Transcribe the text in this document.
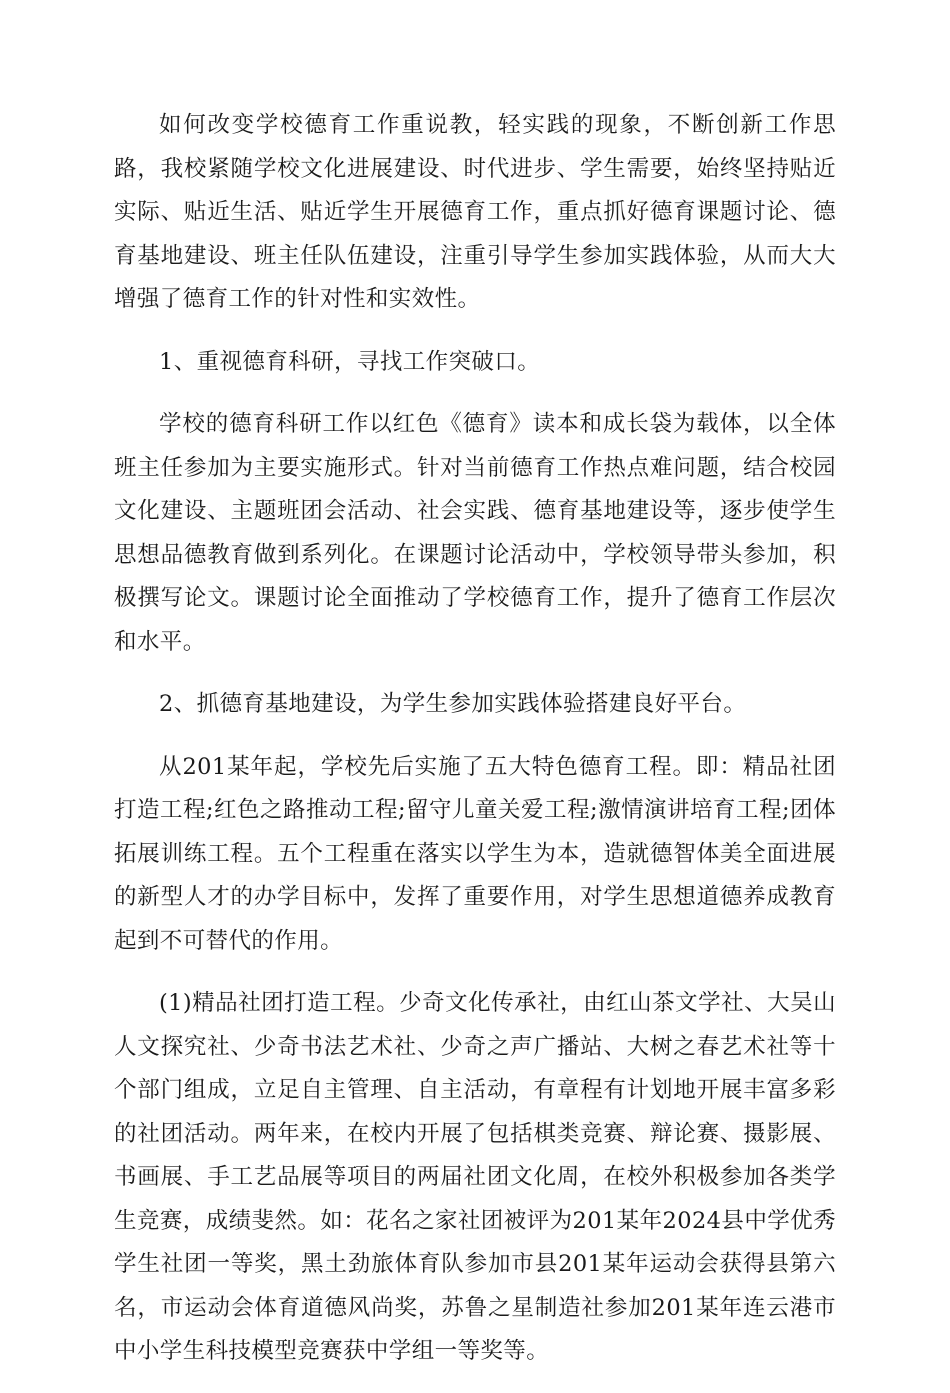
如何改变学校德育工作重说教，轻实践的现象，不断创新工作思路，我校紧随学校文化进展建设、时代进步、学生需要，始终坚持贴近实际、贴近生活、贴近学生开展德育工作，重点抓好德育课题讨论、德育基地建设、班主任队伍建设，注重引导学生参加实践体验，从而大大增强了德育工作的针对性和实效性。

1、重视德育科研，寻找工作突破口。

学校的德育科研工作以红色《德育》读本和成长袋为载体，以全体班主任参加为主要实施形式。针对当前德育工作热点难问题，结合校园文化建设、主题班团会活动、社会实践、德育基地建设等，逐步使学生思想品德教育做到系列化。在课题讨论活动中，学校领导带头参加，积极撰写论文。课题讨论全面推动了学校德育工作，提升了德育工作层次和水平。

2、抓德育基地建设，为学生参加实践体验搭建良好平台。

从201某年起，学校先后实施了五大特色德育工程。即：精品社团打造工程;红色之路推动工程;留守儿童关爱工程;激情演讲培育工程;团体拓展训练工程。五个工程重在落实以学生为本，造就德智体美全面进展的新型人才的办学目标中，发挥了重要作用，对学生思想道德养成教育起到不可替代的作用。

(1)精品社团打造工程。少奇文化传承社，由红山茶文学社、大吴山人文探究社、少奇书法艺术社、少奇之声广播站、大树之春艺术社等十个部门组成，立足自主管理、自主活动，有章程有计划地开展丰富多彩的社团活动。两年来，在校内开展了包括棋类竞赛、辩论赛、摄影展、书画展、手工艺品展等项目的两届社团文化周，在校外积极参加各类学生竞赛，成绩斐然。如：花名之家社团被评为201某年2024县中学优秀学生社团一等奖，黑土劲旅体育队参加市县201某年运动会获得县第六名，市运动会体育道德风尚奖，苏鲁之星制造社参加201某年连云港市中小学生科技模型竞赛获中学组一等奖等。
